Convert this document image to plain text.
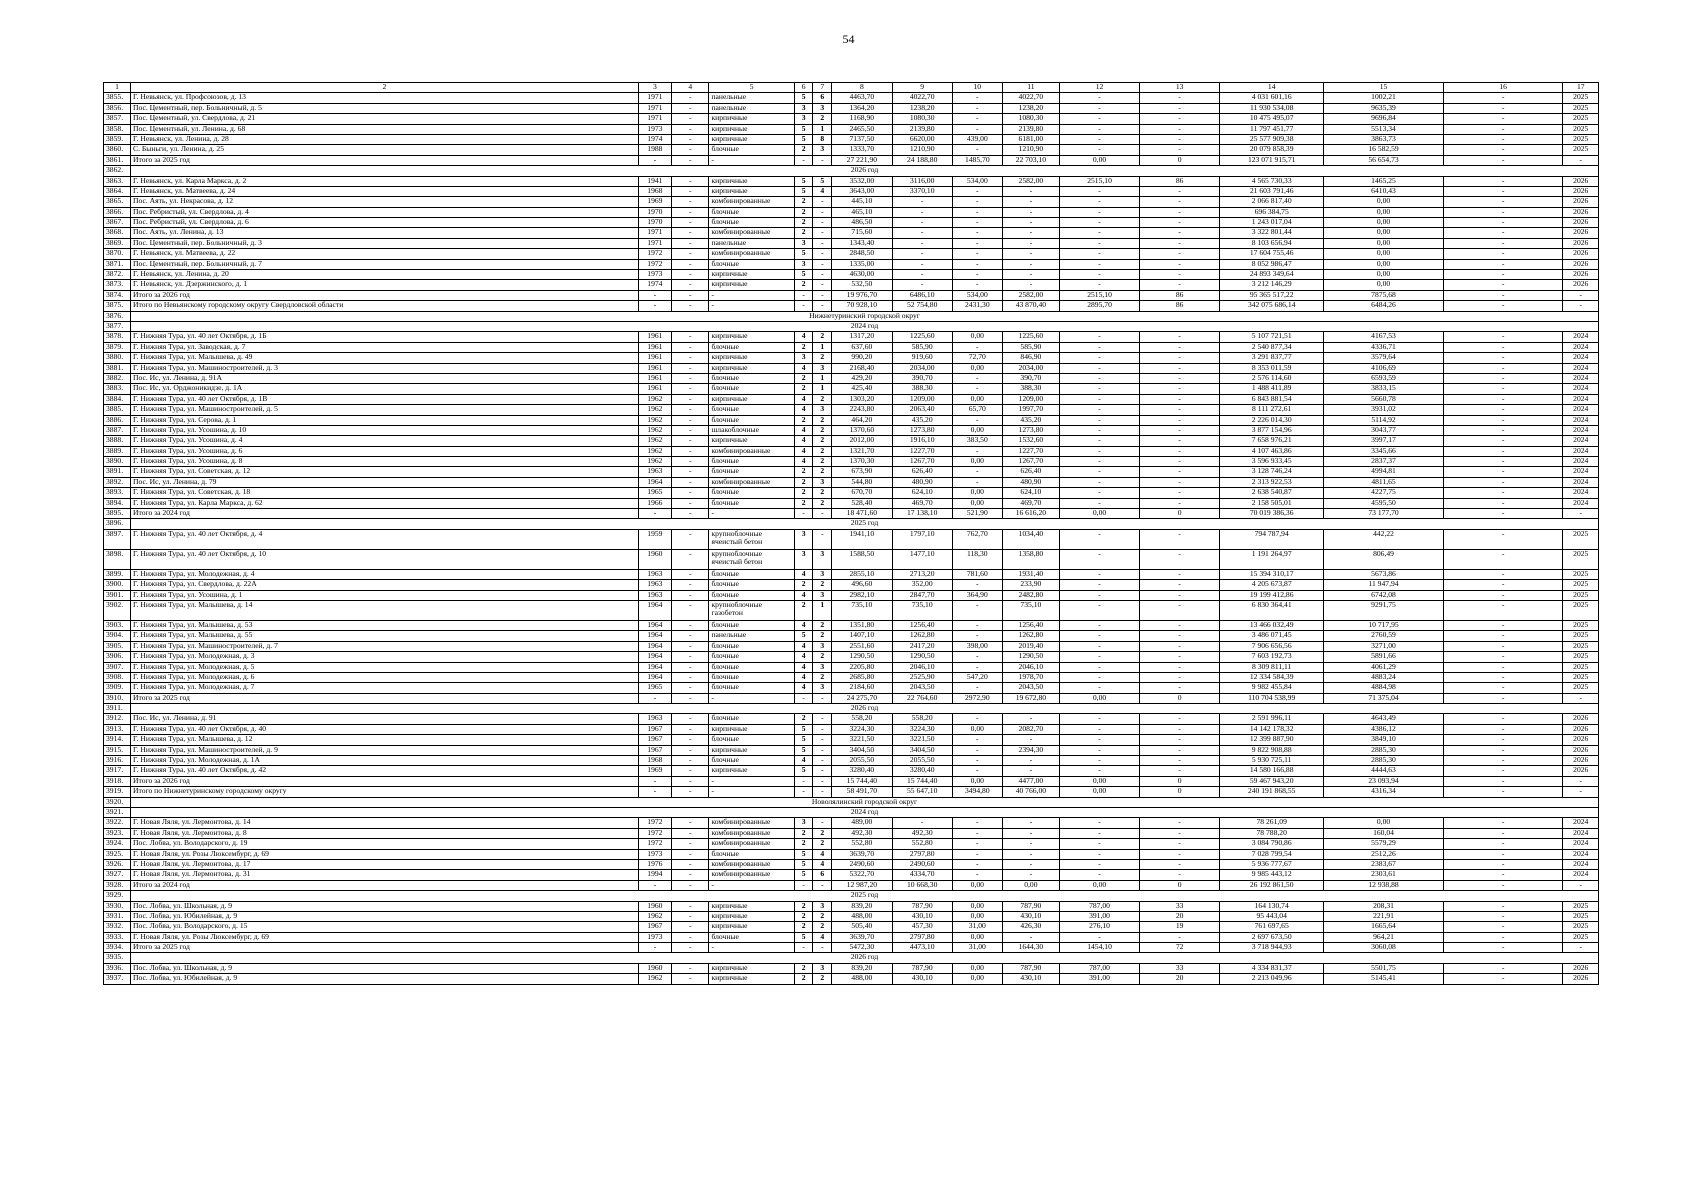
54
1	2	3	4	5	6	7	8	9	10	11	12	13	14	15	16	17
3855.	Г. Невьянск, ул. Профсоюзов, д. 13	1971	-	панельные	5	6	4463,70	4022,70	-	4022,70	-	-	4 031 601,16	1002,21	-	2025
3856.	Пос. Цементный, пер. Больничный, д. 5	1971	-	панельные	3	3	1364,20	1238,20	-	1238,20	-	-	11 930 534,08	9635,39	-	2025
3857.	Пос. Цементный, ул. Свердлова, д. 21	1971	-	кирпичные	3	2	1168,90	1080,30	-	1080,30	-	-	10 475 495,07	9696,84	-	2025
3858.	Пос. Цементный, ул. Ленина, д. 68	1973	-	кирпичные	5	1	2465,50	2139,80	-	2139,80	-	-	11 797 451,77	5513,34	-	2025
3859.	Г. Невьянск, ул. Ленина, д. 28	1974	-	кирпичные	5	8	7137,50	6620,00	439,00	6181,00	-	-	25 577 909,38	3863,73	-	2025
3860.	С. Быньги, ул. Ленина, д. 25	1988	-	блочные	2	3	1333,70	1210,90	-	1210,90	-	-	20 079 858,39	16 582,59	-	2025
3861.	Итого за 2025 год	-	-	-	-	-	27 221,90	24 188,80	1485,70	22 703,10	0,00	0	123 071 915,71	56 654,73	-	-
3862.	2026 год															
3863.	Г. Невьянск, ул. Карла Маркса, д. 2	1941	-	кирпичные	5	5	3532,00	3116,00	534,00	2582,00	2515,10	86	4 565 730,33	1465,25	-	2026
3864.	Г. Невьянск, ул. Матвеева, д. 24	1968	-	кирпичные	5	4	3643,00	3370,10	-	-	-	-	21 603 791,46	6410,43	-	2026
3865.	Пос. Аять, ул. Некрасова, д. 12	1969	-	комбинированные	2	-	445,10	-	-	-	-	-	2 066 817,40	0,00	-	2026
3866.	Пос. Ребристый, ул. Свердлова, д. 4	1970	-	блочные	2	-	465,10	-	-	-	-	-	696 384,75	0,00	-	2026
3867.	Пос. Ребристый, ул. Свердлова, д. 6	1970	-	блочные	2	-	486,50	-	-	-	-	-	1 243 017,04	0,00	-	2026
3868.	Пос. Аять, ул. Ленина, д. 13	1971	-	комбинированные	2	-	715,60	-	-	-	-	-	3 322 801,44	0,00	-	2026
3869.	Пос. Цементный, пер. Больничный, д. 3	1971	-	панельные	3	-	1343,40	-	-	-	-	-	8 103 656,94	0,00	-	2026
3870.	Г. Невьянск, ул. Матвеева, д. 22	1972	-	комбинированные	5	-	2848,50	-	-	-	-	-	17 604 755,46	0,00	-	2026
3871.	Пос. Цементный, пер. Больничный, д. 7	1972	-	блочные	3	-	1335,00	-	-	-	-	-	8 052 986,47	0,00	-	2026
3872.	Г. Невьянск, ул. Ленина, д. 20	1973	-	кирпичные	5	-	4630,00	-	-	-	-	-	24 893 349,64	0,00	-	2026
3873.	Г. Невьянск, ул. Дзержинского, д. 1	1974	-	кирпичные	2	-	532,50	-	-	-	-	-	3 212 146,29	0,00	-	2026
3874.	Итого за 2026 год	-	-	-	-	-	19 976,70	6486,10	534,00	2582,00	2515,10	86	95 365 517,22	7875,68	-	-
3875.	Итого по Невьянскому городскому округу Свердловской области	-	-	-	-	-	70 928,10	52 754,80	2431,30	43 870,40	2895,70	86	342 075 686,14	6484,26	-	-
3876.	Нижнетуринский городской округ															
3877.	2024 год															
3878.	Г. Нижняя Тура, ул. 40 лет Октября, д. 1Б	1961	-	кирпичные	4	2	1317,20	1225,60	0,00	1225,60	-	-	5 107 721,51	4167,53	-	2024
3879.	Г. Нижняя Тура, ул. Заводская, д. 7	1961	-	блочные	2	1	637,60	585,90	-	585,90	-	-	2 540 877,34	4336,71	-	2024
3880.	Г. Нижняя Тура, ул. Малышева, д. 49	1961	-	кирпичные	3	2	990,20	919,60	72,70	846,90	-	-	3 291 837,77	3579,64	-	2024
3881.	Г. Нижняя Тура, ул. Машиностроителей, д. 3	1961	-	кирпичные	4	3	2168,40	2034,00	0,00	2034,00	-	-	8 353 011,59	4106,69	-	2024
3882.	Пос. Ис, ул. Ленина, д. 91А	1961	-	блочные	2	1	429,20	390,70	-	390,70	-	-	2 576 114,60	6593,59	-	2024
3883.	Пос. Ис, ул. Орджоникидзе, д. 1А	1961	-	блочные	2	1	425,40	388,30	-	388,30	-	-	1 488 411,89	3833,15	-	2024
3884.	Г. Нижняя Тура, ул. 40 лет Октября, д. 1В	1962	-	кирпичные	4	2	1303,20	1209,00	0,00	1209,00	-	-	6 843 881,54	5660,78	-	2024
3885.	Г. Нижняя Тура, ул. Машиностроителей, д. 5	1962	-	блочные	4	3	2243,80	2063,40	65,70	1997,70	-	-	8 111 272,61	3931,02	-	2024
3886.	Г. Нижняя Тура, ул. Серова, д. 1	1962	-	блочные	2	2	464,20	435,20	-	435,20	-	-	2 226 014,30	5114,92	-	2024
3887.	Г. Нижняя Тура, ул. Усошина, д. 10	1962	-	шлакоблочные	4	2	1370,60	1273,80	0,00	1273,80	-	-	3 877 154,96	3043,77	-	2024
3888.	Г. Нижняя Тура, ул. Усошина, д. 4	1962	-	кирпичные	4	2	2012,00	1916,10	383,50	1532,60	-	-	7 658 976,21	3997,17	-	2024
3889.	Г. Нижняя Тура, ул. Усошина, д. 6	1962	-	комбинированные	4	2	1321,70	1227,70	-	1227,70	-	-	4 107 463,86	3345,66	-	2024
3890.	Г. Нижняя Тура, ул. Усошина, д. 8	1962	-	блочные	4	2	1370,30	1267,70	0,00	1267,70	-	-	3 596 933,45	2837,37	-	2024
3891.	Г. Нижняя Тура, ул. Советская, д. 12	1963	-	блочные	2	2	673,90	626,40	-	626,40	-	-	3 128 746,24	4994,81	-	2024
3892.	Пос. Ис, ул. Ленина, д. 79	1964	-	комбинированные	2	3	544,80	480,90	-	480,90	-	-	2 313 922,53	4811,65	-	2024
3893.	Г. Нижняя Тура, ул. Советская, д. 18	1965	-	блочные	2	2	670,70	624,10	0,00	624,10	-	-	2 638 540,87	4227,75	-	2024
3894.	Г. Нижняя Тура, ул. Карла Маркса, д. 62	1966	-	блочные	2	2	528,40	469,70	0,00	469,70	-	-	2 158 505,01	4595,50	-	2024
3895.	Итого за 2024 год	-	-	-	-	-	18 471,60	17 138,10	521,90	16 616,20	0,00	0	70 019 386,36	73 177,70	-	-
3896.	2025 год															
3897.	Г. Нижняя Тура, ул. 40 лет Октября, д. 4	1959	-	крупноблочные ячеистый бетон	3	-	1941,10	1797,10	762,70	1034,40	-	-	794 787,94	442,22	-	2025
3898.	Г. Нижняя Тура, ул. 40 лет Октября, д. 10	1960	-	крупноблочные ячеистый бетон	3	3	1588,50	1477,10	118,30	1358,80	-	-	1 191 264,97	806,49	-	2025
3899.	Г. Нижняя Тура, ул. Молодежная, д. 4	1963	-	блочные	4	3	2855,10	2713,20	781,60	1931,40	-	-	15 394 310,17	5673,86	-	2025
3900.	Г. Нижняя Тура, ул. Свердлова, д. 22А	1963	-	блочные	2	2	496,60	352,00	-	233,90	-	-	4 205 673,87	11 947,94	-	2025
3901.	Г. Нижняя Тура, ул. Усошина, д. 1	1963	-	блочные	4	3	2982,10	2847,70	364,90	2482,80	-	-	19 199 412,86	6742,08	-	2025
3902.	Г. Нижняя Тура, ул. Малышева, д. 14	1964	-	крупноблочные газобетон	2	1	735,10	735,10	-	735,10	-	-	6 830 364,41	9291,75	-	2025
3903.	Г. Нижняя Тура, ул. Малышева, д. 53	1964	-	блочные	4	2	1351,80	1256,40	-	1256,40	-	-	13 466 032,49	10 717,95	-	2025
3904.	Г. Нижняя Тура, ул. Малышева, д. 55	1964	-	панельные	5	2	1407,10	1262,80	-	1262,80	-	-	3 486 071,45	2760,59	-	2025
3905.	Г. Нижняя Тура, ул. Машиностроителей, д. 7	1964	-	блочные	4	3	2551,60	2417,20	398,00	2019,40	-	-	7 906 656,56	3271,00	-	2025
3906.	Г. Нижняя Тура, ул. Молодежная, д. 3	1964	-	блочные	4	2	1290,50	1290,50	-	1290,50	-	-	7 603 192,73	5891,66	-	2025
3907.	Г. Нижняя Тура, ул. Молодежная, д. 5	1964	-	блочные	4	3	2205,80	2046,10	-	2046,10	-	-	8 309 811,11	4061,29	-	2025
3908.	Г. Нижняя Тура, ул. Молодежная, д. 6	1964	-	блочные	4	2	2685,80	2525,90	547,20	1978,70	-	-	12 334 584,39	4883,24	-	2025
3909.	Г. Нижняя Тура, ул. Молодежная, д. 7	1965	-	блочные	4	3	2184,60	2043,50	-	2043,50	-	-	9 982 455,84	4884,98	-	2025
3910.	Итого за 2025 год	-	-	-	-	-	24 275,70	22 764,60	2972,90	19 672,80	0,00	0	110 704 538,99	71 375,04	-	-
3911.	2026 год															
3912.	Пос. Ис, ул. Ленина, д. 91	1963	-	блочные	2	-	558,20	558,20	-	-	-	-	2 591 996,11	4643,49	-	2026
3913.	Г. Нижняя Тура, ул. 40 лет Октября, д. 40	1967	-	кирпичные	5	-	3224,30	3224,30	0,00	2082,70	-	-	14 142 178,32	4386,12	-	2026
3914.	Г. Нижняя Тура, ул. Малышева, д. 12	1967	-	блочные	5	-	3221,50	3221,50	-	-	-	-	12 399 887,90	3849,10	-	2026
3915.	Г. Нижняя Тура, ул. Машиностроителей, д. 9	1967	-	кирпичные	5	-	3404,50	3404,50	-	2394,30	-	-	9 822 908,88	2885,30	-	2026
3916.	Г. Нижняя Тура, ул. Молодежная, д. 1А	1968	-	блочные	4	-	2055,50	2055,50	-	-	-	-	5 930 725,11	2885,30	-	2026
3917.	Г. Нижняя Тура, ул. 40 лет Октября, д. 42	1969	-	кирпичные	5	-	3280,40	3280,40	-	-	-	-	14 580 166,88	4444,63	-	2026
3918.	Итого за 2026 год	-	-	-	-	-	15 744,40	15 744,40	0,00	4477,00	0,00	0	59 467 943,20	23 093,94	-	-
3919.	Итого по Нижнетуринскому городскому округу	-	-	-	-	-	58 491,70	55 647,10	3494,80	40 766,00	0,00	0	240 191 868,55	4316,34	-	-
3920.	Новолялинский городской округ															
3921.	2024 год															
3922.	Г. Новая Ляля, ул. Лермонтова, д. 14	1972	-	комбинированные	3	-	489,00	-	-	-	-	-	78 261,09	0,00	-	2024
3923.	Г. Новая Ляля, ул. Лермонтова, д. 8	1972	-	комбинированные	2	2	492,30	492,30	-	-	-	-	78 788,20	160,04	-	2024
3924.	Пос. Лобва, ул. Володарского, д. 19	1972	-	комбинированные	2	2	552,80	552,80	-	-	-	-	3 084 790,86	5579,29	-	2024
3925.	Г. Новая Ляля, ул. Розы Люксембург, д. 69	1973	-	блочные	5	4	3639,70	2797,80	-	-	-	-	7 028 799,54	2512,26	-	2024
3926.	Г. Новая Ляля, ул. Лермонтова, д. 17	1976	-	комбинированные	5	4	2490,60	2490,60	-	-	-	-	5 936 777,67	2383,67	-	2024
3927.	Г. Новая Ляля, ул. Лермонтова, д. 31	1994	-	комбинированные	5	6	5322,70	4334,70	-	-	-	-	9 985 443,12	2303,61	-	2024
3928.	Итого за 2024 год	-	-	-	-	-	12 987,20	10 668,30	0,00	0,00	0,00	0	26 192 861,50	12 938,88	-	-
3929.	2025 год															
3930.	Пос. Лобва, ул. Школьная, д. 9	1960	-	кирпичные	2	3	839,20	787,90	0,00	787,90	787,00	33	164 130,74	208,31	-	2025
3931.	Пос. Лобва, ул. Юбилейная, д. 9	1962	-	кирпичные	2	2	488,00	430,10	0,00	430,10	391,00	20	95 443,04	221,91	-	2025
3932.	Пос. Лобва, ул. Володарского, д. 15	1967	-	кирпичные	2	2	505,40	457,30	31,00	426,30	276,10	19	761 697,65	1665,64	-	2025
3933.	Г. Новая Ляля, ул. Розы Люксембург, д. 69	1973	-	блочные	5	4	3639,70	2797,80	0,00	-	-	-	2 697 673,50	964,21	-	2025
3934.	Итого за 2025 год	-	-	-	-	-	5472,30	4473,10	31,00	1644,30	1454,10	72	3 718 944,93	3060,08	-	-
3935.	2026 год															
3936.	Пос. Лобва, ул. Школьная, д. 9	1960	-	кирпичные	2	3	839,20	787,90	0,00	787,90	787,00	33	4 334 831,37	5501,75	-	2026
3937.	Пос. Лобва, ул. Юбилейная, д. 9	1962	-	кирпичные	2	2	488,00	430,10	0,00	430,10	391,00	20	2 213 049,96	5145,41	-	2026
